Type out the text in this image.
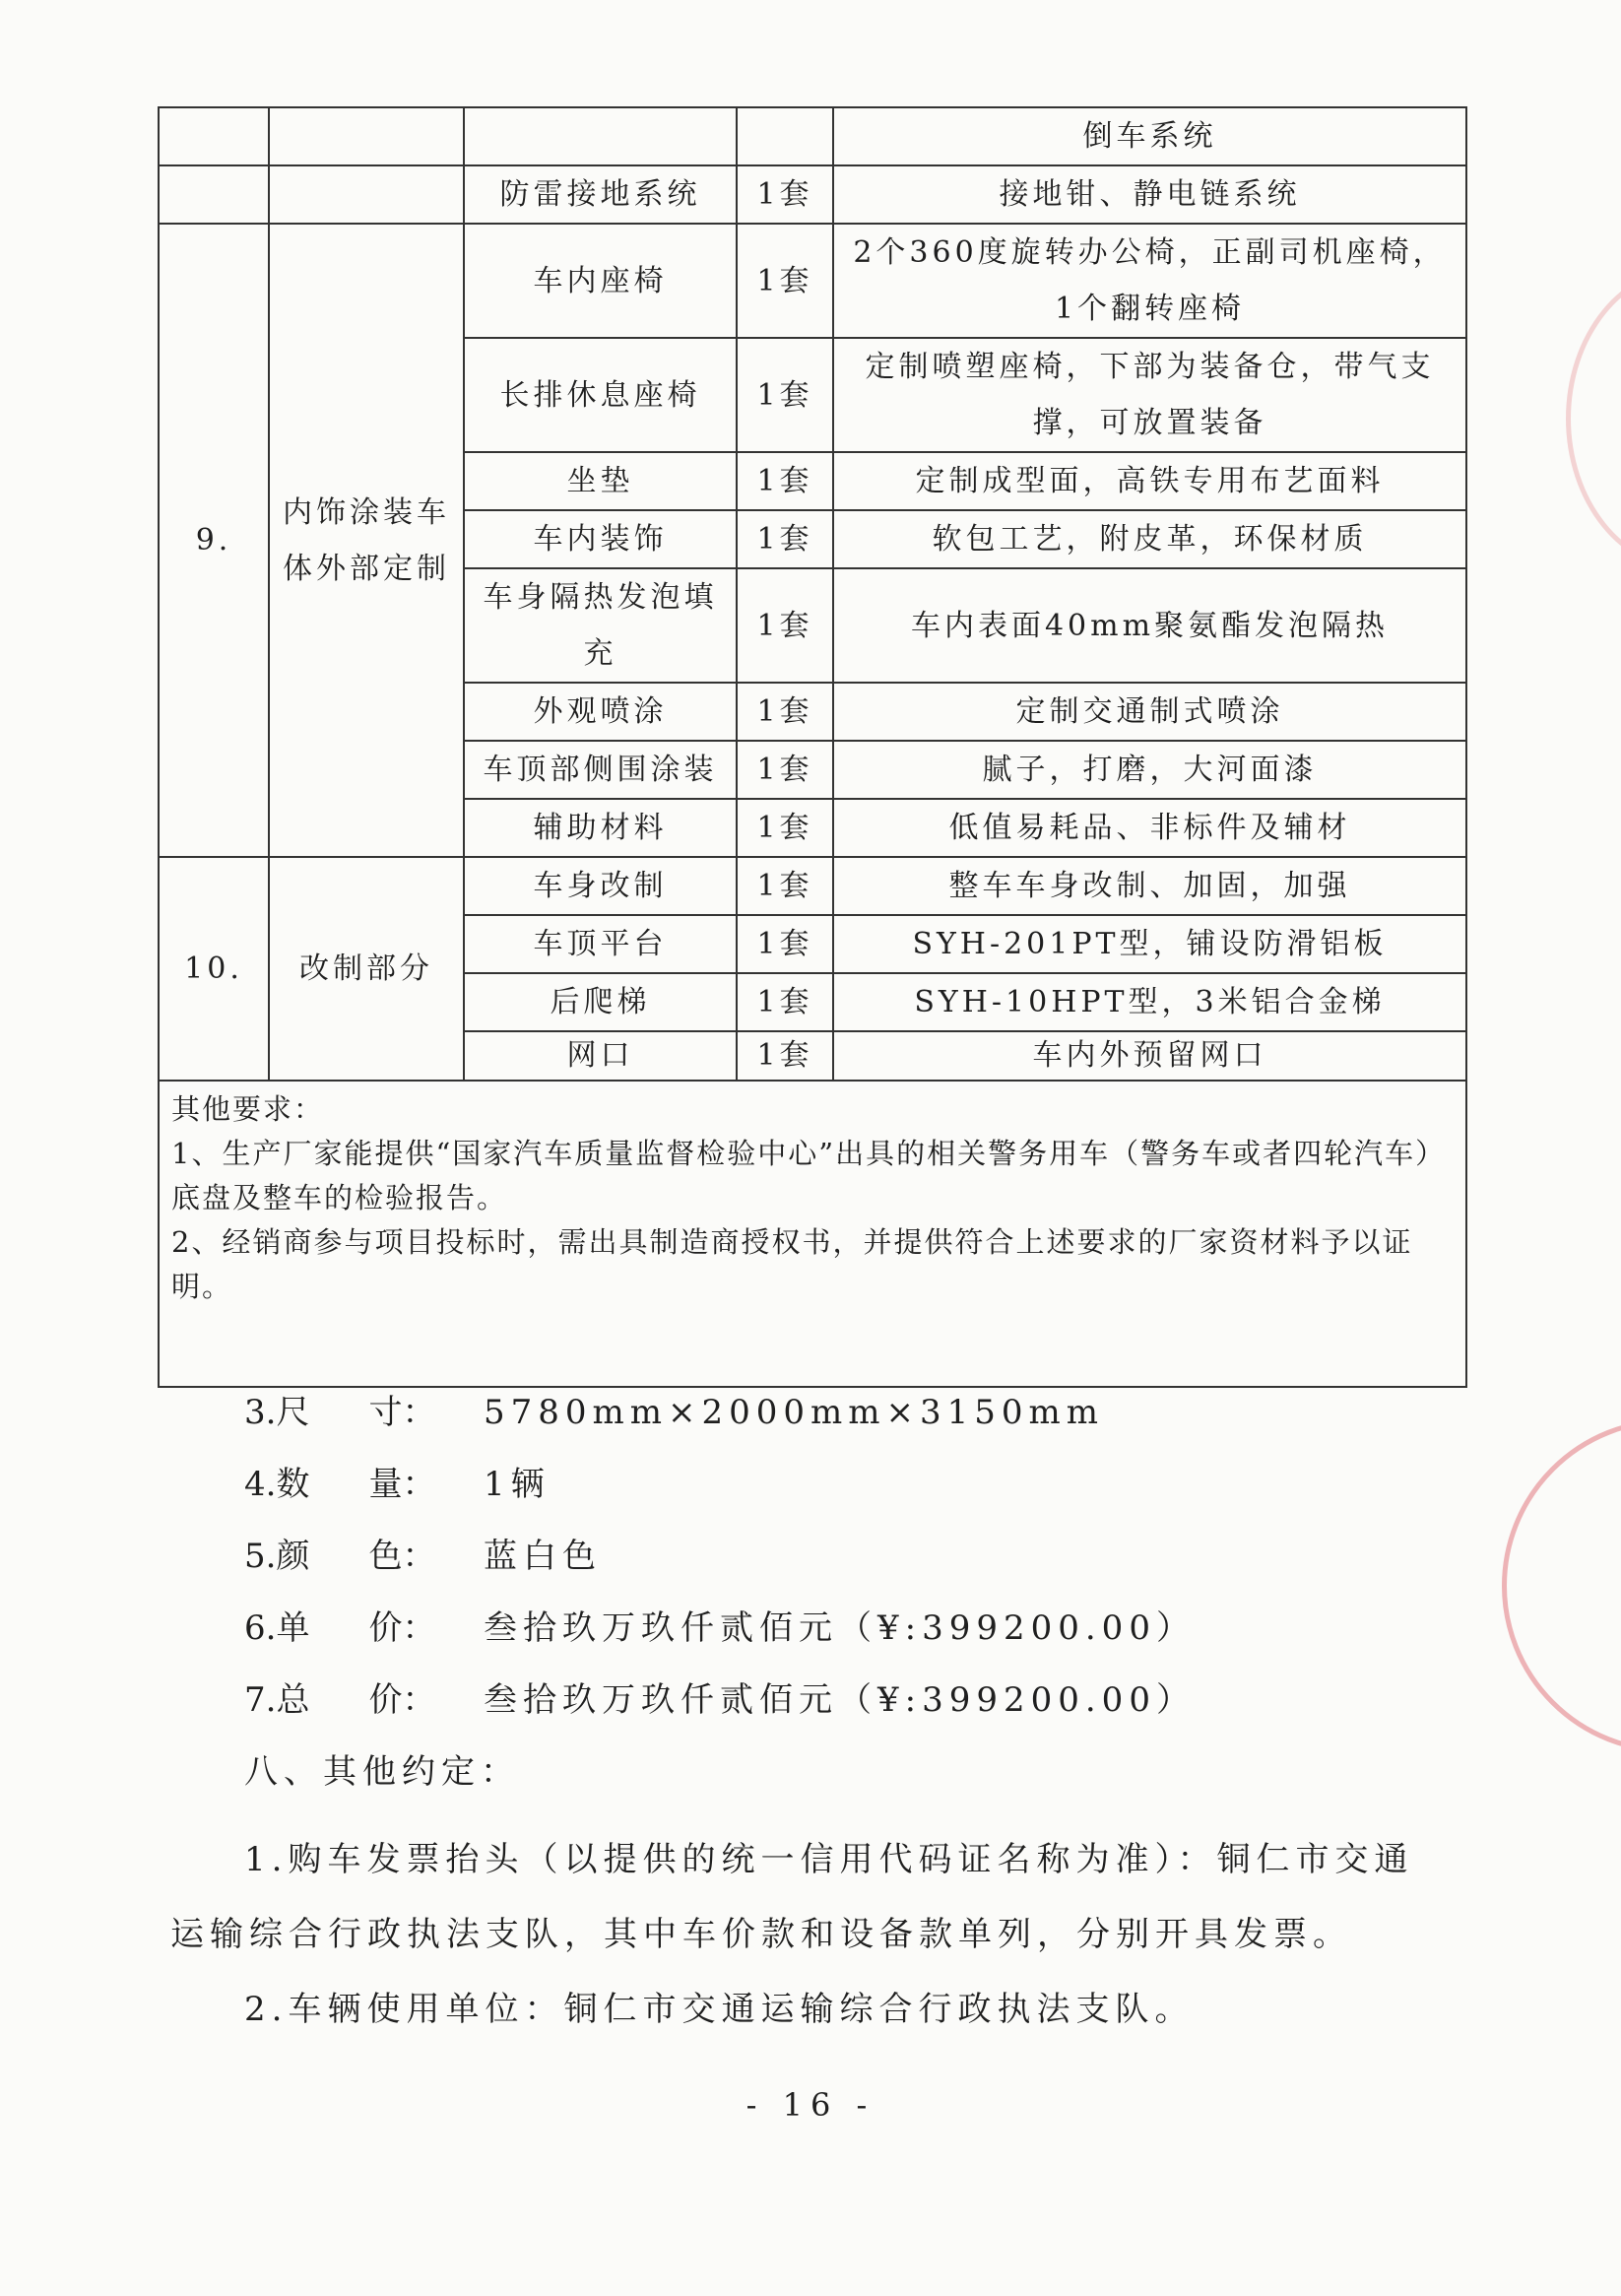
				倒车系统
		防雷接地系统	1套	接地钳、静电链系统
9.	内饰涂装车体外部定制	车内座椅	1套	2个360度旋转办公椅，正副司机座椅，1个翻转座椅
		长排休息座椅	1套	定制喷塑座椅，下部为装备仓，带气支撑，可放置装备
		坐垫	1套	定制成型面，高铁专用布艺面料
		车内装饰	1套	软包工艺，附皮革，环保材质
		车身隔热发泡填充	1套	车内表面40mm聚氨酯发泡隔热
		外观喷涂	1套	定制交通制式喷涂
		车顶部侧围涂装	1套	腻子，打磨，大河面漆
		辅助材料	1套	低值易耗品、非标件及辅材
10.	改制部分	车身改制	1套	整车车身改制、加固，加强
		车顶平台	1套	SYH-201PT型，铺设防滑铝板
		后爬梯	1套	SYH-10HPT型，3米铝合金梯
		网口	1套	车内外预留网口
其他要求：
1、生产厂家能提供“国家汽车质量监督检验中心”出具的相关警务用车（警务车或者四轮汽车）底盘及整车的检验报告。
2、经销商参与项目投标时，需出具制造商授权书，并提供符合上述要求的厂家资材料予以证明。				
3.尺 寸： 5780mm×2000mm×3150mm
4.数 量： 1辆
5.颜 色： 蓝白色
6.单 价： 叁拾玖万玖仟贰佰元（¥:399200.00）
7.总 价： 叁拾玖万玖仟贰佰元（¥:399200.00）
八、其他约定：
1.购车发票抬头（以提供的统一信用代码证名称为准）：铜仁市交通运输综合行政执法支队，其中车价款和设备款单列，分别开具发票。
2.车辆使用单位：铜仁市交通运输综合行政执法支队。
- 16 -
